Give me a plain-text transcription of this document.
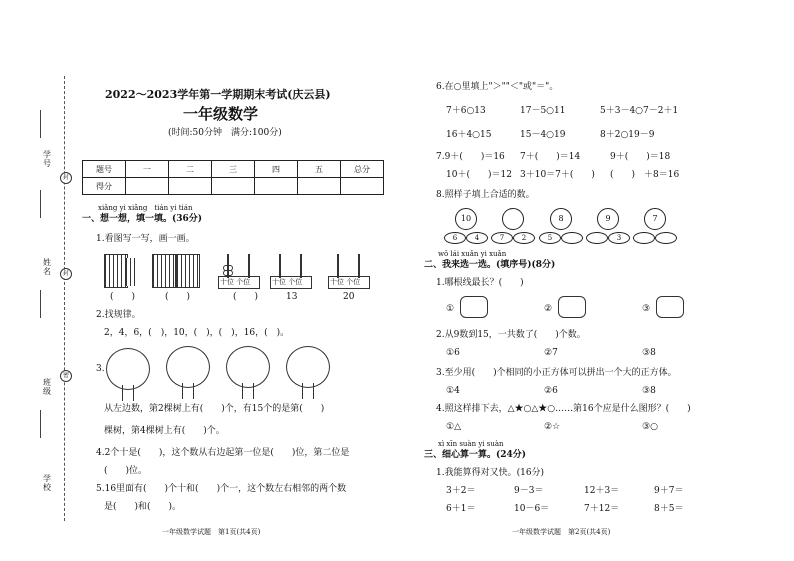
学号
姓名
班级
学校
封
封
密
2022～2023学年第一学期期末考试(庆云县)
一年级数学
(时间:50分钟　满分:100分)
题号	一	二	三	四	五	总分
得分						
xiǎng yi xiǎng　tián yi tián
一、想一想，填一填。(36分)
1.看图写一写，画一画。
(　　)	(　　)	(　　)
十位 个位	十位 个位
13
十位 个位
20
2.找规律。
2，4，6，(　)，10，(　)，(　)，16，(　)。
3.
从左边数，第2棵树上有(　　)个，有15个的是第(　　)
棵树，第4棵树上有(　　)个。
4.2个十是(　　)，这个数从右边起第一位是(　　)位，第二位是
(　　)位。
5.16里面有(　　)个十和(　　)个一，这个数左右相邻的两个数
是(　　)和(　　)。
一年级数学试题　第1页(共4页)
6.在○里填上"＞""＜"或"＝"。
7＋6○13	17－5○11	5＋3－4○7－2＋1
16＋4○15	15－4○19	8＋2○19－9
7.9＋(　　)＝16 7＋(　　)＝14	9＋(　　)＝18
10＋(　　)＝12 3＋10＝7＋(　　) (　　)　＋8＝16
8.照样子填上合适的数。
10
6	4	7	2
8
5
9
3
7
wǒ lái xuǎn yi xuǎn
二、我来选一选。(填序号)(8分)
1.哪根线最长？(　　)
①	②	③
2.从9数到15，一共数了(　　)个数。
①6	②7	③8
3.至少用(　　)个相同的小正方体可以拼出一个大的正方体。
①4	②6	③8
4.照这样排下去，△★○△★○……第16个应是什么图形？(　　)
①△	②☆	③○
xì xīn suàn yi suàn
三、细心算一算。(24分)
1.我能算得对又快。(16分)
3＋2＝	9－3＝	12＋3＝	9＋7＝
6＋1＝	10－6＝	7＋12＝	8＋5＝
一年级数学试题　第2页(共4页)
